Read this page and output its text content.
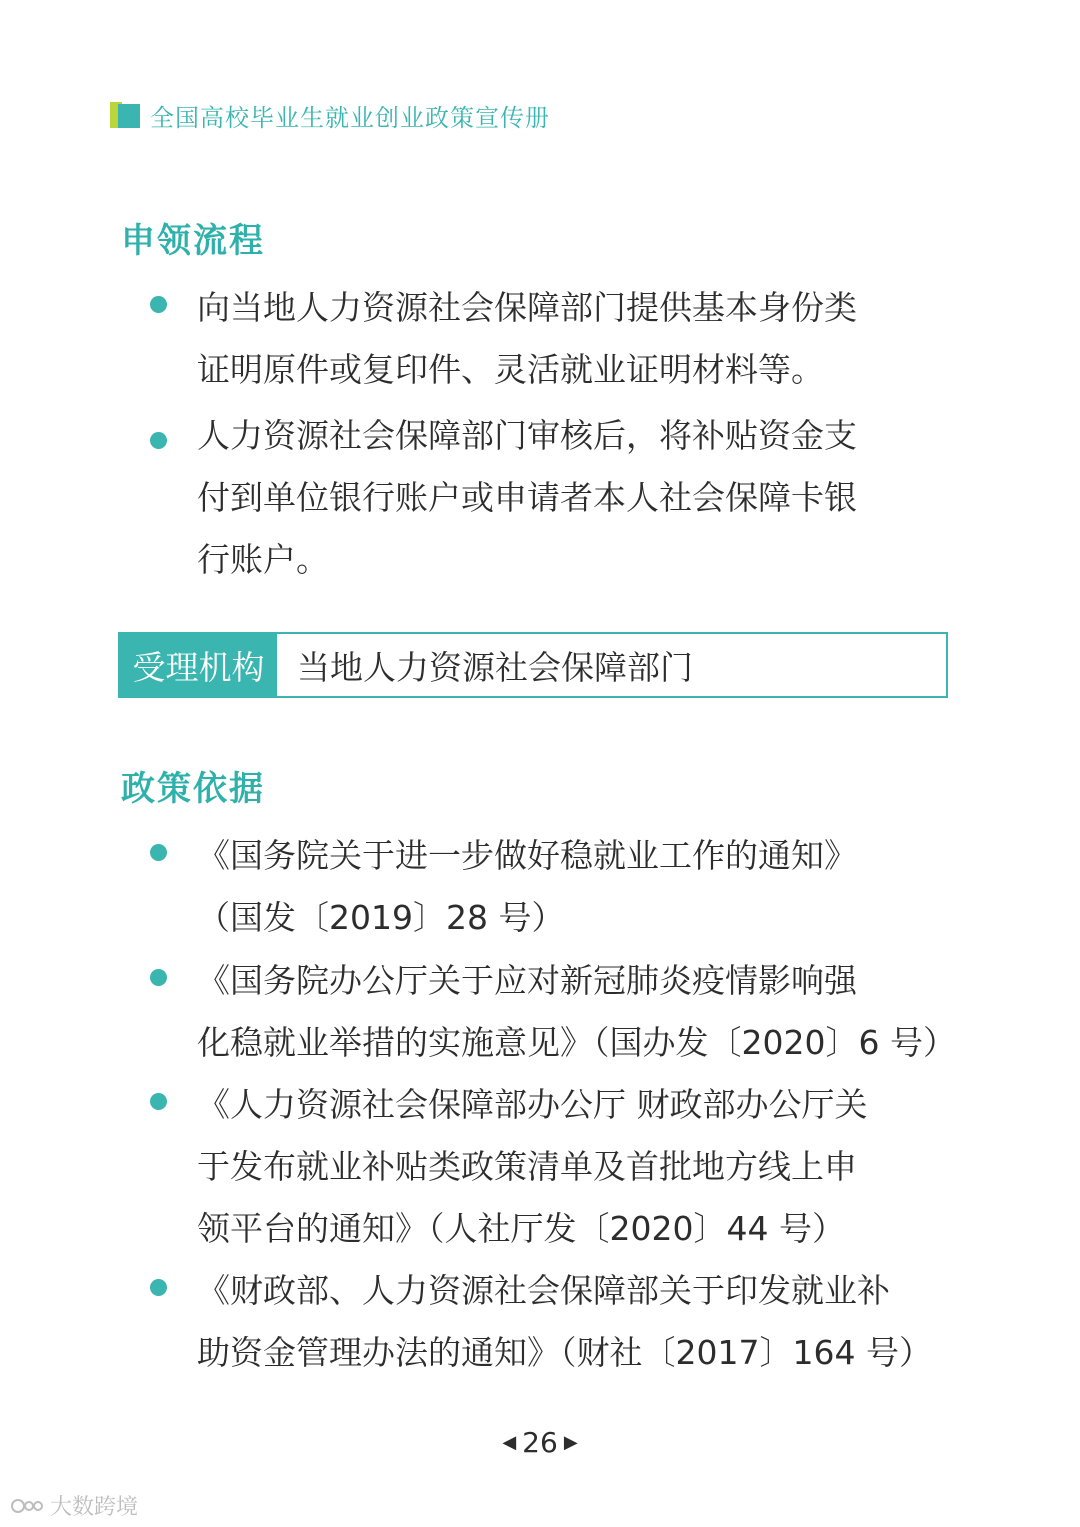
全国高校毕业生就业创业政策宣传册
申领流程
向当地人力资源社会保障部门提供基本身份类
证明原件或复印件、灵活就业证明材料等。
人力资源社会保障部门审核后，将补贴资金支
付到单位银行账户或申请者本人社会保障卡银
行账户。
受理机构 当地人力资源社会保障部门
政策依据
《国务院关于进一步做好稳就业工作的通知》
（国发〔2019〕28 号）
《国务院办公厅关于应对新冠肺炎疫情影响强
化稳就业举措的实施意见》（国办发〔2020〕6 号）
《人力资源社会保障部办公厅 财政部办公厅关
于发布就业补贴类政策清单及首批地方线上申
领平台的通知》（人社厅发〔2020〕44 号）
《财政部、人力资源社会保障部关于印发就业补
助资金管理办法的通知》（财社〔2017〕164 号）
◀ 26 ▶
大数跨境
